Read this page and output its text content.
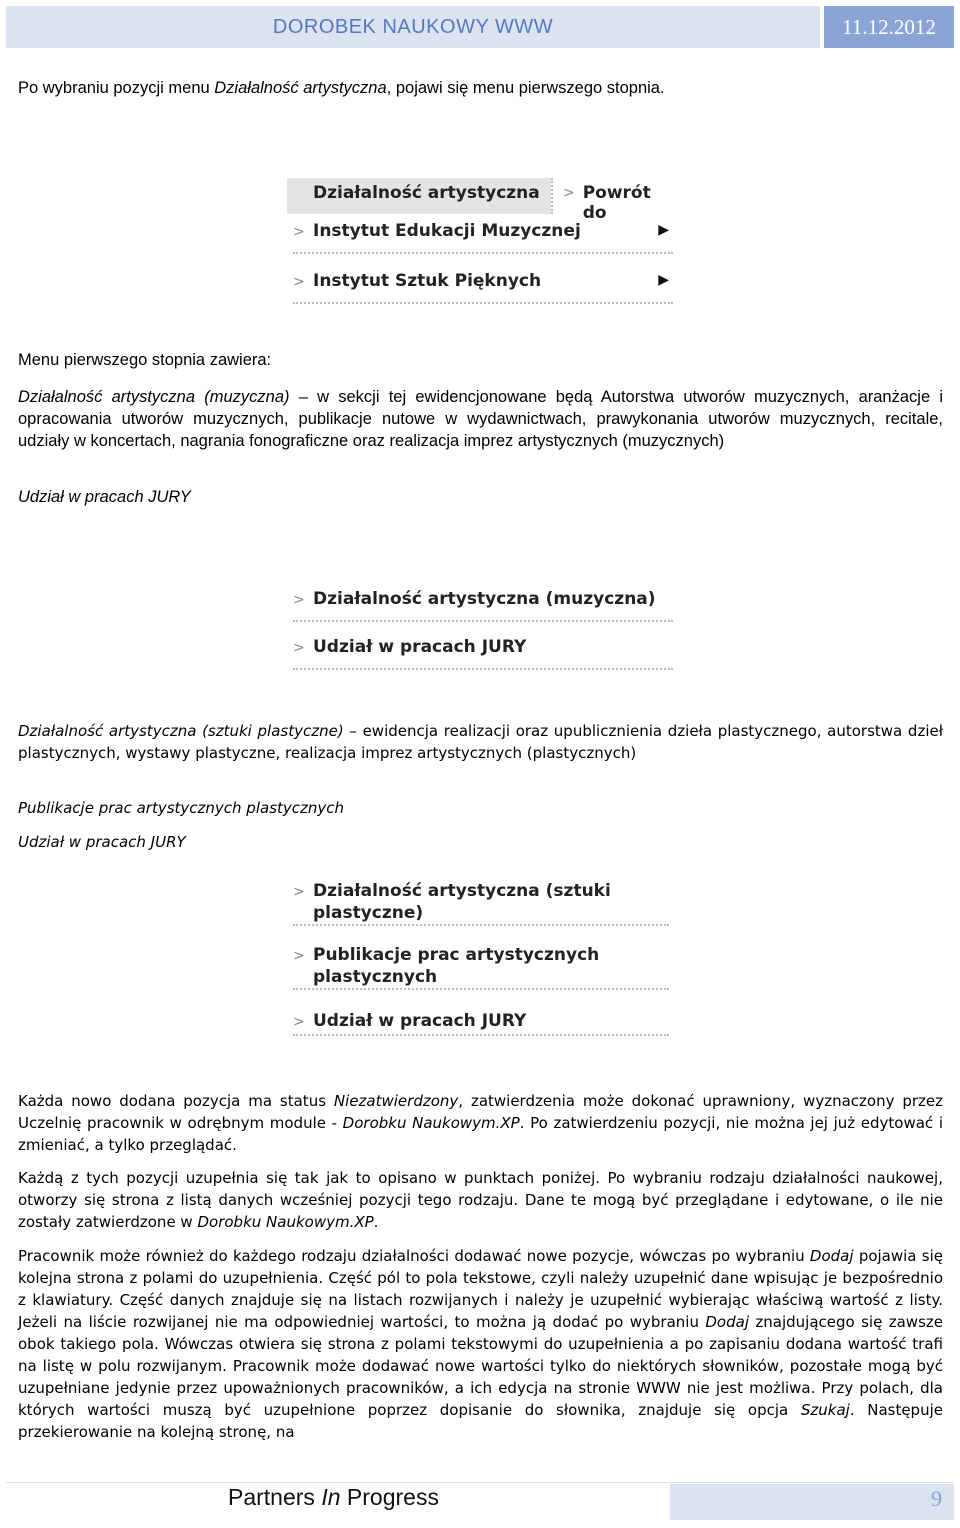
DOROBEK NAUKOWY WWW	11.12.2012
Po wybraniu pozycji menu Działalność artystyczna, pojawi się menu pierwszego stopnia.
Działalność artystyczna > Powrót do
> Instytut Edukacji Muzycznej	▶
> Instytut Sztuk Pięknych	▶
Menu pierwszego stopnia zawiera:
Działalność artystyczna (muzyczna) – w sekcji tej ewidencjonowane będą Autorstwa utworów muzycznych, aranżacje i opracowania utworów muzycznych, publikacje nutowe w wydawnictwach, prawykonania utworów muzycznych, recitale, udziały w koncertach, nagrania fonograficzne oraz realizacja imprez artystycznych (muzycznych)
Udział w pracach JURY
> Działalność artystyczna (muzyczna)
> Udział w pracach JURY
Działalność artystyczna (sztuki plastyczne) – ewidencja realizacji oraz upublicznienia dzieła plastycznego, autorstwa dzieł plastycznych, wystawy plastyczne, realizacja imprez artystycznych (plastycznych)
Publikacje prac artystycznych plastycznych
Udział w pracach JURY
> Działalność artystyczna (sztuki plastyczne)
> Publikacje prac artystycznych plastycznych
> Udział w pracach JURY
Każda nowo dodana pozycja ma status Niezatwierdzony, zatwierdzenia może dokonać uprawniony, wyznaczony przez Uczelnię pracownik w odrębnym module - Dorobku Naukowym.XP. Po zatwierdzeniu pozycji, nie można jej już edytować i zmieniać, a tylko przeglądać.
Każdą z tych pozycji uzupełnia się tak jak to opisano w punktach poniżej. Po wybraniu rodzaju działalności naukowej, otworzy się strona z listą danych wcześniej pozycji tego rodzaju. Dane te mogą być przeglądane i edytowane, o ile nie zostały zatwierdzone w Dorobku Naukowym.XP.
Pracownik może również do każdego rodzaju działalności dodawać nowe pozycje, wówczas po wybraniu Dodaj pojawia się kolejna strona z polami do uzupełnienia. Część pól to pola tekstowe, czyli należy uzupełnić dane wpisując je bezpośrednio z klawiatury. Część danych znajduje się na listach rozwijanych i należy je uzupełnić wybierając właściwą wartość z listy. Jeżeli na liście rozwijanej nie ma odpowiedniej wartości, to można ją dodać po wybraniu Dodaj znajdującego się zawsze obok takiego pola. Wówczas otwiera się strona z polami tekstowymi do uzupełnienia a po zapisaniu dodana wartość trafi na listę w polu rozwijanym. Pracownik może dodawać nowe wartości tylko do niektórych słowników, pozostałe mogą być uzupełniane jedynie przez upoważnionych pracowników, a ich edycja na stronie WWW nie jest możliwa. Przy polach, dla których wartości muszą być uzupełnione poprzez dopisanie do słownika, znajduje się opcja Szukaj. Następuje przekierowanie na kolejną stronę, na
Partners In Progress	9
